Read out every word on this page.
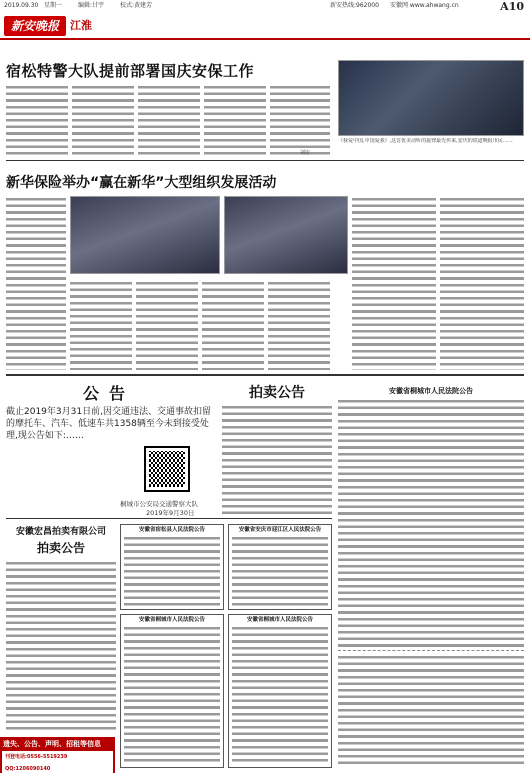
2019.09.30 星期一	编辑:甘宇	校式:黄建芳	新安热线:962000 安徽网 www.ahwang.cn	A10
新安晚报	江淮
宿松特警大队提前部署国庆安保工作
刘宏
《我爱中国,中国爱我》,这首优美动听的旋律最先传来,安庆的铁道晚报市民……
新华保险举办“赢在新华”大型组织发展活动
公告
截止2019年3月31日前,因交通违法、交通事故扣留的摩托车、汽车、低速车共1358辆至今未到接受处理,现公告如下:……
桐城市公安局交通警察大队
2019年9月30日
拍卖公告	安徽省桐城市人民法院公告
安徽宏昌拍卖有限公司
拍卖公告
安徽省宿松县人民法院公告	安徽省安庆市迎江区人民法院公告
安徽省桐城市人民法院公告	安徽省桐城市人民法院公告
遗失、公告、声明、招租等信息
刊登电话:0556-5519239 QQ:1206090140
